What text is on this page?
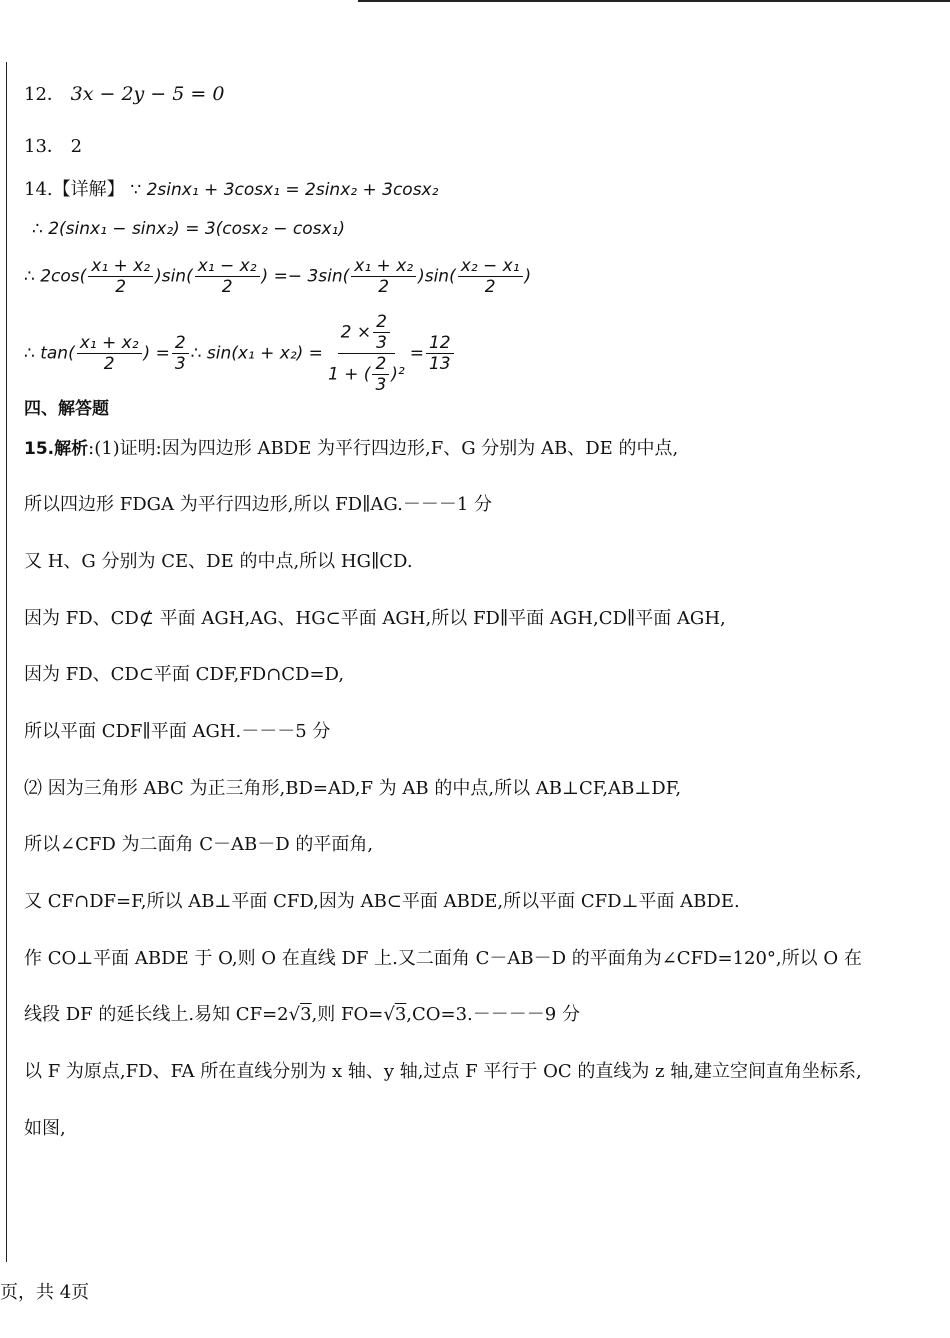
12． 3x − 2y − 5 = 0
13． 2
14.【详解】 ∵ 2sinx₁ + 3cosx₁ = 2sinx₂ + 3cosx₂
∴ 2(sinx₁ − sinx₂) = 3(cosx₂ − cosx₁)
∴ $2\cos( \frac{\text{x₁ + x₂}}{2} )\sin( \frac{\text{x₁ − x₂}}{2}$ ) =− $3\sin( \frac{\text{x₁ + x₂}}{2} )\sin( \frac{\text{x₂ − x₁}}{2}$ )
∴ $\tan( \frac{\text{x₁ + x₂}}{2}$ ) = $\frac{2}{3}$ ∴ $\sin(x_1 + x_2) = \frac{2 \times \frac{2}{3}}{1 + ( \frac{2}{3} )^2} = \frac{12}{13}$
四、解答题
15.解析:(1)证明:因为四边形 ABDE 为平行四边形,F、G 分别为 AB、DE 的中点,
所以四边形 FDGA 为平行四边形,所以 FD∥AG.－－－1 分
又 H、G 分别为 CE、DE 的中点,所以 HG∥CD.
因为 FD、CD⊄ 平面 AGH,AG、HG⊂平面 AGH,所以 FD∥平面 AGH,CD∥平面 AGH,
因为 FD、CD⊂平面 CDF,FD∩CD=D,
所以平面 CDF∥平面 AGH.－－－5 分
⑵ 因为三角形 ABC 为正三角形,BD=AD,F 为 AB 的中点,所以 AB⊥CF,AB⊥DF,
所以∠CFD 为二面角 C－AB－D 的平面角,
又 CF∩DF=F,所以 AB⊥平面 CFD,因为 AB⊂平面 ABDE,所以平面 CFD⊥平面 ABDE.
作 CO⊥平面 ABDE 于 O,则 O 在直线 DF 上.又二面角 C－AB－D 的平面角为∠CFD=120°,所以 O 在
线段 DF 的延长线上.易知 CF=2√3,则 FO=√3,CO=3.－－－－9 分
以 F 为原点,FD、FA 所在直线分别为 x 轴、y 轴,过点 F 平行于 OC 的直线为 z 轴,建立空间直角坐标系,
如图,
页，共 4页
